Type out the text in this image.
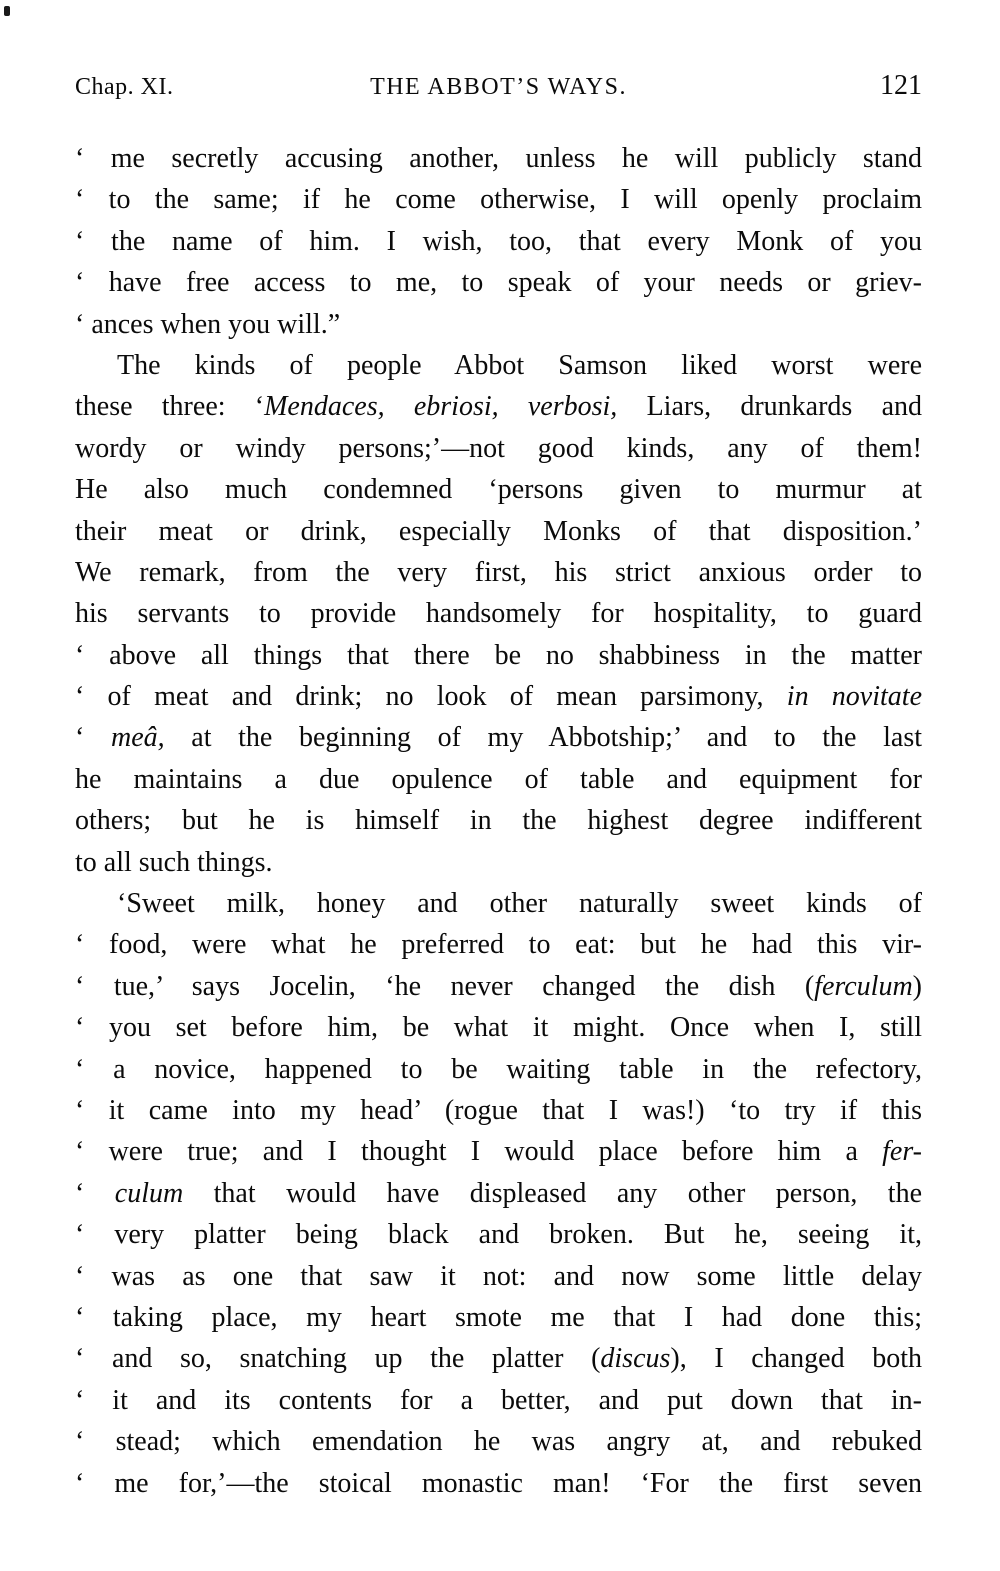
Chap. XI.	THE ABBOT’S WAYS.	121
‘ me secretly accusing another, unless he will publicly stand
‘ to the same; if he come otherwise, I will openly proclaim
‘ the name of him. I wish, too, that every Monk of you
‘ have free access to me, to speak of your needs or griev-
‘ ances when you will.”
The kinds of people Abbot Samson liked worst were
these three: ‘Mendaces, ebriosi, verbosi, Liars, drunkards and
wordy or windy persons;’—not good kinds, any of them!
He also much condemned ‘persons given to murmur at
their meat or drink, especially Monks of that disposition.’
We remark, from the very first, his strict anxious order to
his servants to provide handsomely for hospitality, to guard
‘ above all things that there be no shabbiness in the matter
‘ of meat and drink; no look of mean parsimony, in novitate
‘ meâ, at the beginning of my Abbotship;’ and to the last
he maintains a due opulence of table and equipment for
others; but he is himself in the highest degree indifferent
to all such things.
‘Sweet milk, honey and other naturally sweet kinds of
‘ food, were what he preferred to eat: but he had this vir-
‘ tue,’ says Jocelin, ‘he never changed the dish (ferculum)
‘ you set before him, be what it might. Once when I, still
‘ a novice, happened to be waiting table in the refectory,
‘ it came into my head’ (rogue that I was!) ‘to try if this
‘ were true; and I thought I would place before him a fer-
‘ culum that would have displeased any other person, the
‘ very platter being black and broken. But he, seeing it,
‘ was as one that saw it not: and now some little delay
‘ taking place, my heart smote me that I had done this;
‘ and so, snatching up the platter (discus), I changed both
‘ it and its contents for a better, and put down that in-
‘ stead; which emendation he was angry at, and rebuked
‘ me for,’—the stoical monastic man! ‘For the first seven
